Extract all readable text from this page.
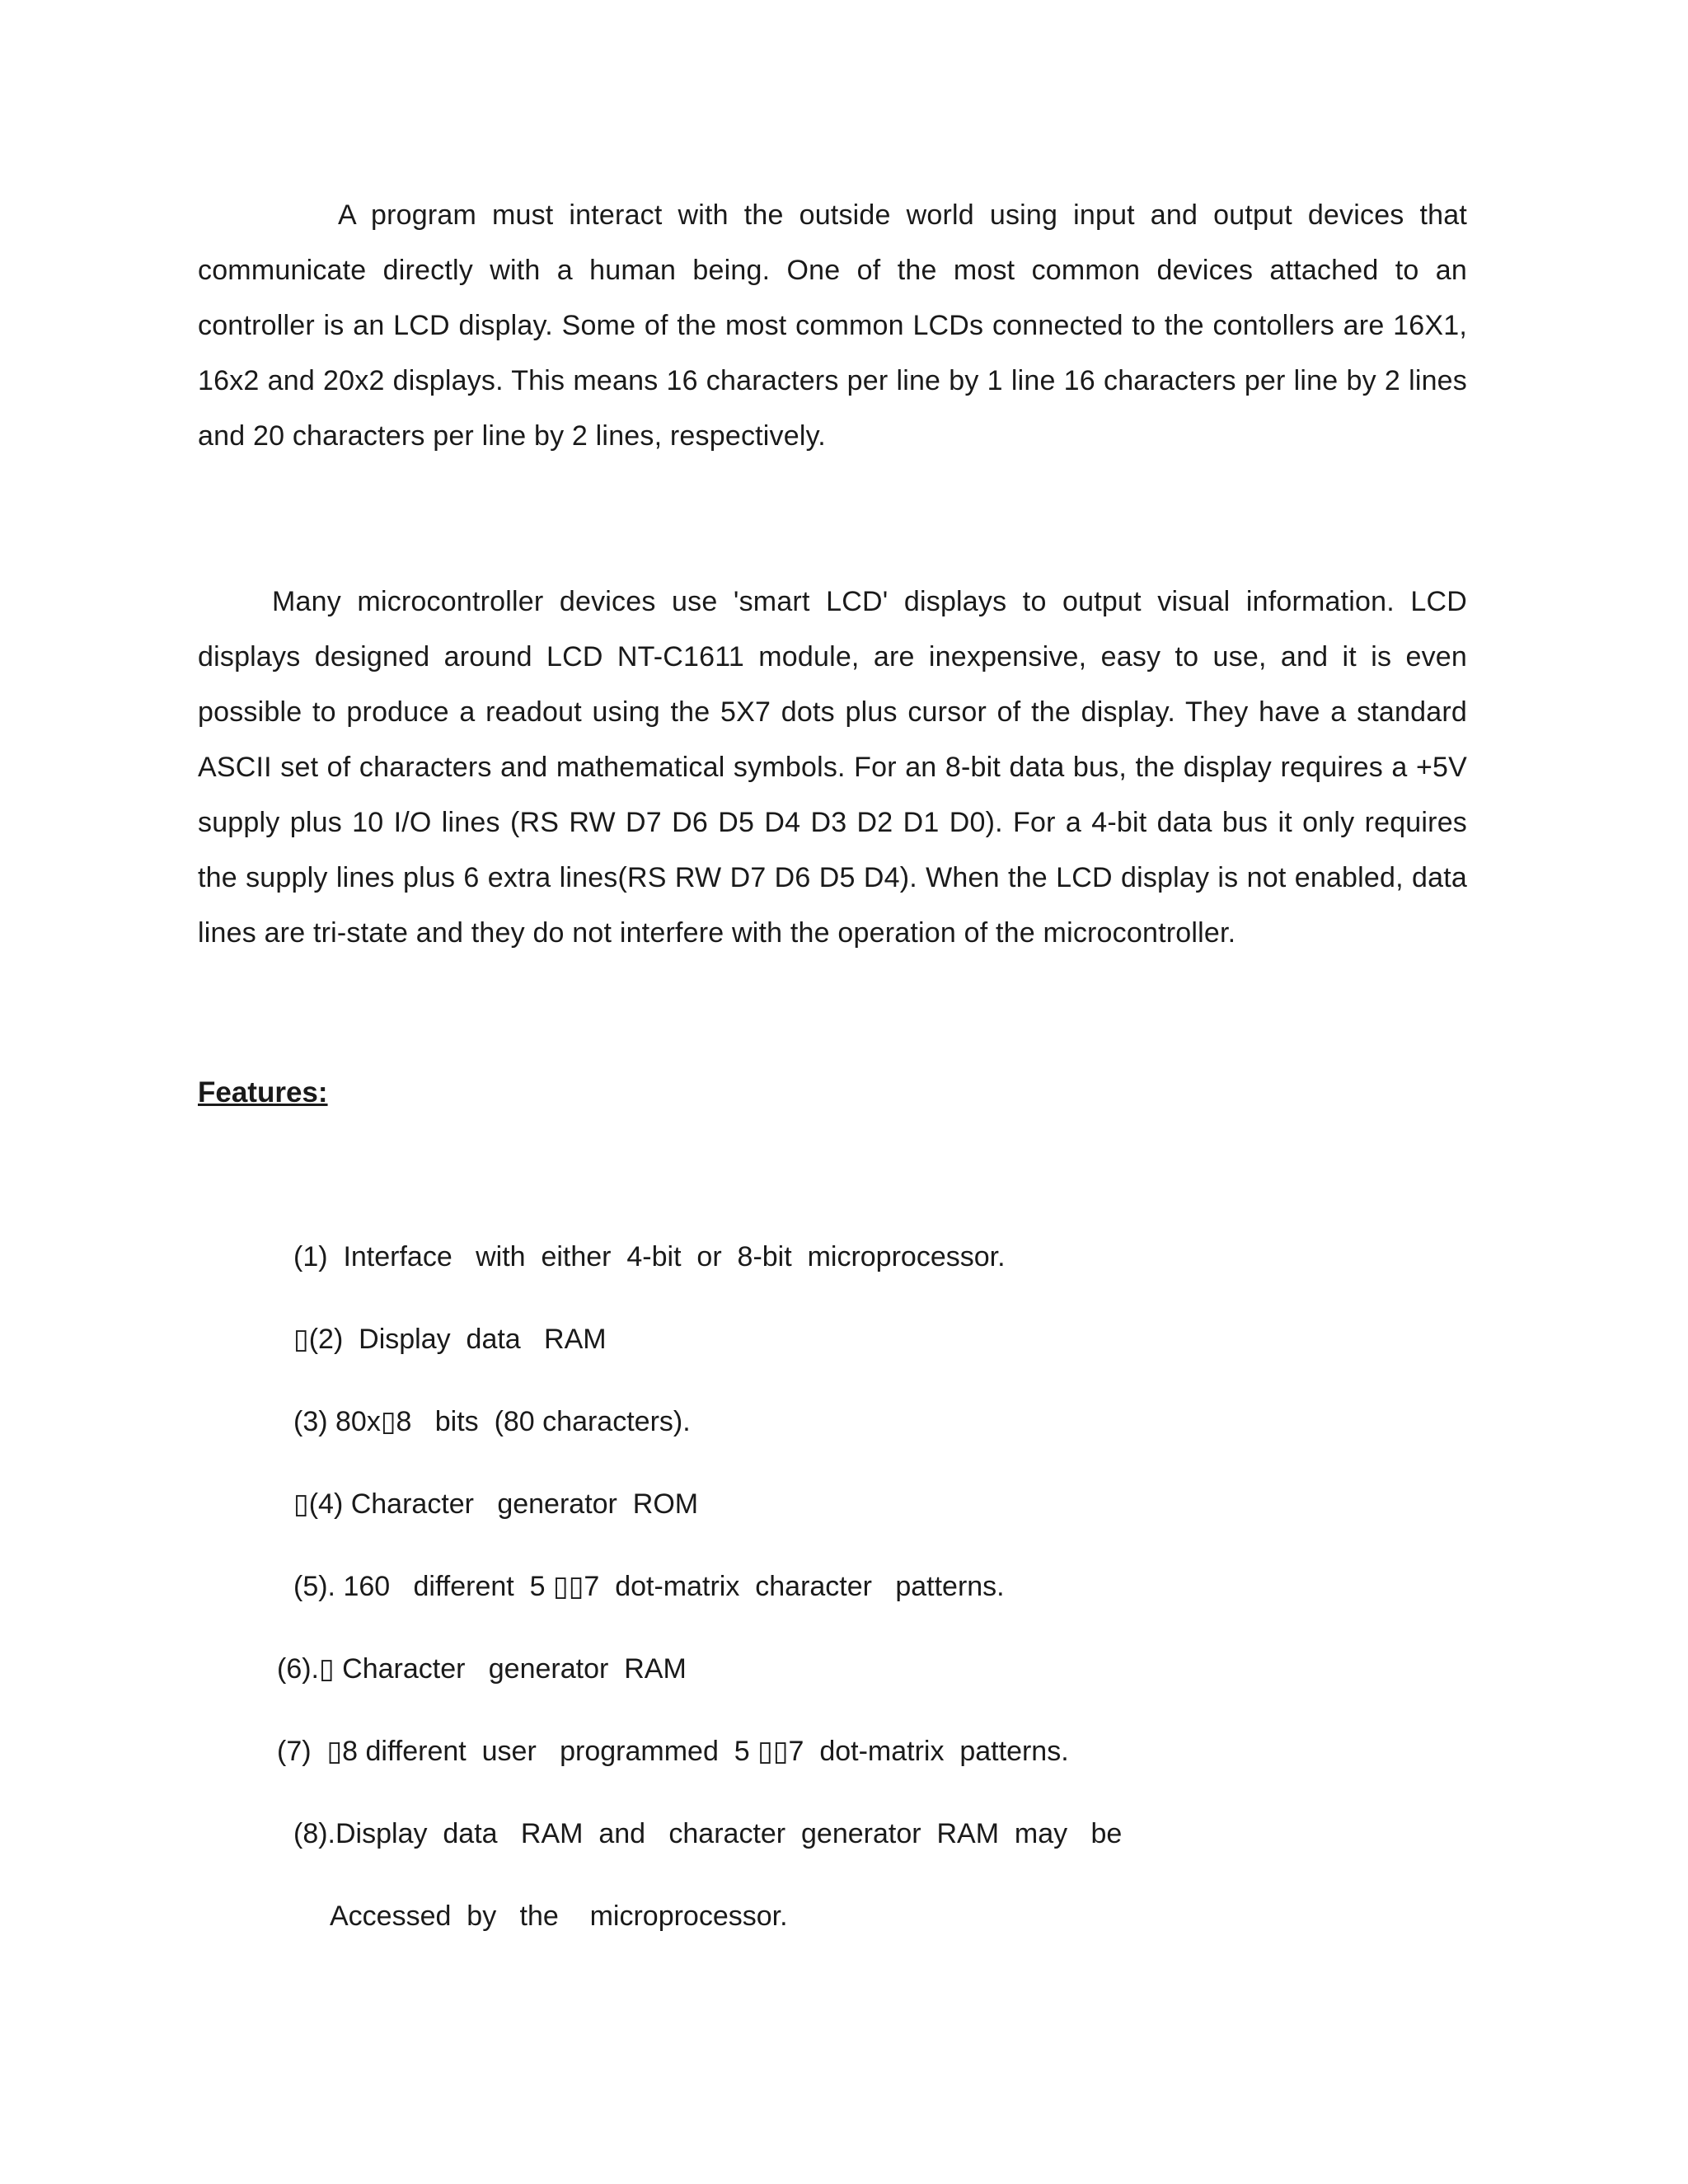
A program must interact with the outside world using input and output devices that communicate directly with a human being. One of the most common devices attached to an controller is an LCD display. Some of the most common LCDs connected to the contollers are 16X1, 16x2 and 20x2 displays. This means 16 characters per line by 1 line 16 characters per line by 2 lines and 20 characters per line by 2 lines, respectively.

Many microcontroller devices use 'smart LCD' displays to output visual information. LCD displays designed around LCD NT-C1611 module, are inexpensive, easy to use, and it is even possible to produce a readout using the 5X7 dots plus cursor of the display. They have a standard ASCII set of characters and mathematical symbols. For an 8-bit data bus, the display requires a +5V supply plus 10 I/O lines (RS RW D7 D6 D5 D4 D3 D2 D1 D0). For a 4-bit data bus it only requires the supply lines plus 6 extra lines(RS RW D7 D6 D5 D4). When the LCD display is not enabled, data lines are tri-state and they do not interfere with the operation of the microcontroller.

Features:

(1)  Interface   with  either  4-bit  or  8-bit  microprocessor.

▯(2)  Display  data   RAM

(3) 80x▯8   bits  (80 characters).

▯(4) Character   generator  ROM

(5). 160   different  5 ▯▯7  dot-matrix  character   patterns.

(6).▯ Character   generator  RAM

(7)  ▯8 different  user   programmed  5 ▯▯7  dot-matrix  patterns.

(8).Display  data   RAM  and   character  generator  RAM  may   be

Accessed  by   the    microprocessor.
